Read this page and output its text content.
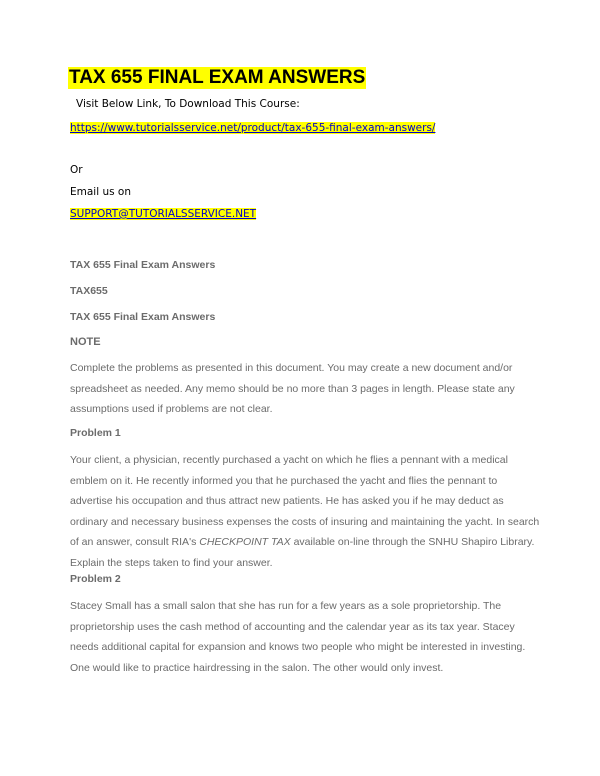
TAX 655 FINAL EXAM ANSWERS
Visit Below Link, To Download This Course:
https://www.tutorialsservice.net/product/tax-655-final-exam-answers/
Or
Email us on
SUPPORT@TUTORIALSSERVICE.NET
TAX 655 Final Exam Answers
TAX655
TAX 655 Final Exam Answers
NOTE
Complete the problems as presented in this document. You may create a new document and/or spreadsheet as needed. Any memo should be no more than 3 pages in length. Please state any assumptions used if problems are not clear.
Problem 1
Your client, a physician, recently purchased a yacht on which he flies a pennant with a medical emblem on it. He recently informed you that he purchased the yacht and flies the pennant to advertise his occupation and thus attract new patients. He has asked you if he may deduct as ordinary and necessary business expenses the costs of insuring and maintaining the yacht. In search of an answer, consult RIA's CHECKPOINT TAX available on-line through the SNHU Shapiro Library. Explain the steps taken to find your answer.
Problem 2
Stacey Small has a small salon that she has run for a few years as a sole proprietorship. The proprietorship uses the cash method of accounting and the calendar year as its tax year. Stacey needs additional capital for expansion and knows two people who might be interested in investing. One would like to practice hairdressing in the salon. The other would only invest.
